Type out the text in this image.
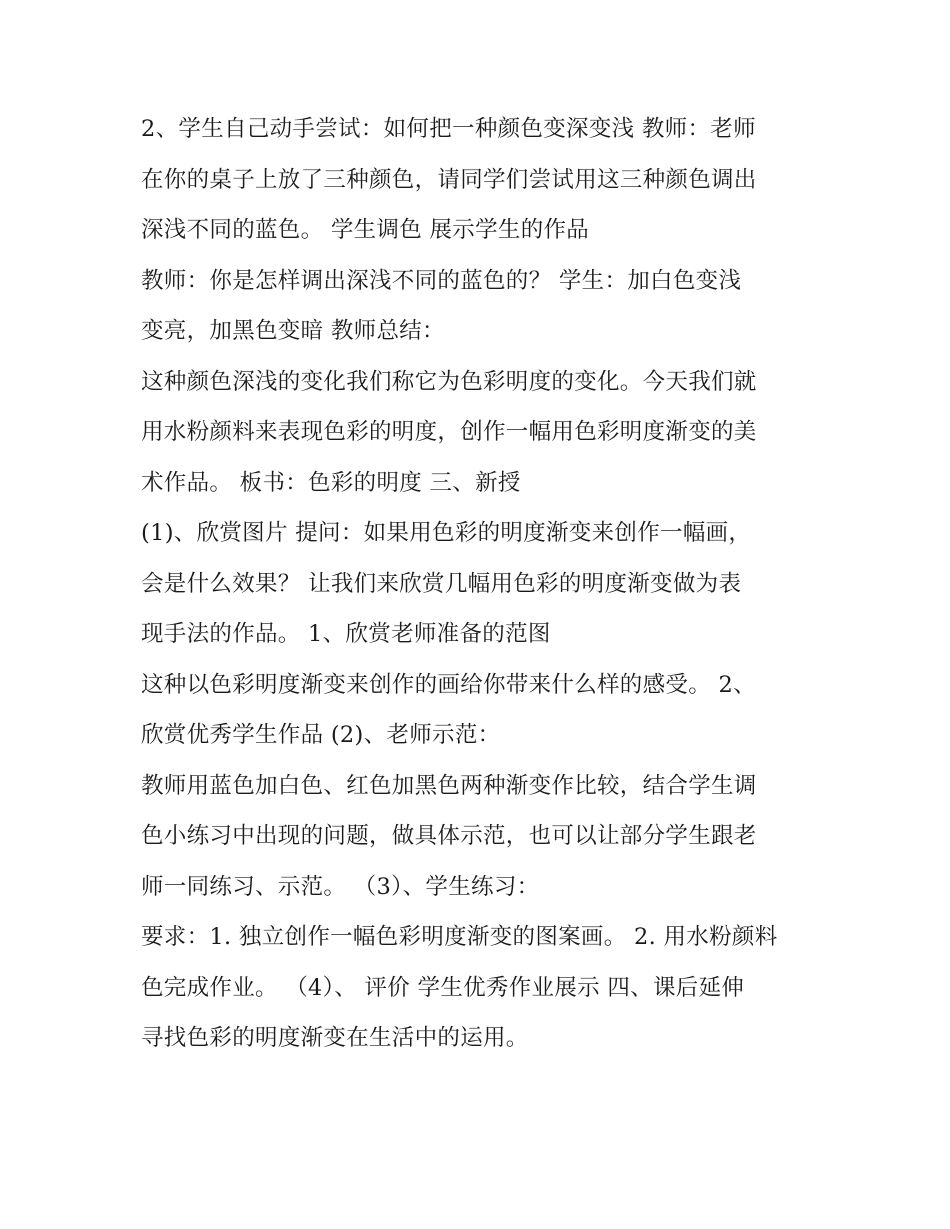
2、学生自己动手尝试：如何把一种颜色变深变浅 教师：老师
在你的桌子上放了三种颜色，请同学们尝试用这三种颜色调出
深浅不同的蓝色。 学生调色 展示学生的作品
教师：你是怎样调出深浅不同的蓝色的？ 学生：加白色变浅
变亮，加黑色变暗 教师总结：
这种颜色深浅的变化我们称它为色彩明度的变化。今天我们就
用水粉颜料来表现色彩的明度，创作一幅用色彩明度渐变的美
术作品。 板书：色彩的明度 三、新授
(1)、欣赏图片 提问：如果用色彩的明度渐变来创作一幅画，
会是什么效果？ 让我们来欣赏几幅用色彩的明度渐变做为表
现手法的作品。 1、欣赏老师准备的范图
这种以色彩明度渐变来创作的画给你带来什么样的感受。 2、
欣赏优秀学生作品 (2)、老师示范：
教师用蓝色加白色、红色加黑色两种渐变作比较，结合学生调
色小练习中出现的问题，做具体示范，也可以让部分学生跟老
师一同练习、示范。 （3）、学生练习：
要求：1. 独立创作一幅色彩明度渐变的图案画。 2. 用水粉颜料
色完成作业。 （4）、 评价 学生优秀作业展示 四、课后延伸
寻找色彩的明度渐变在生活中的运用。
